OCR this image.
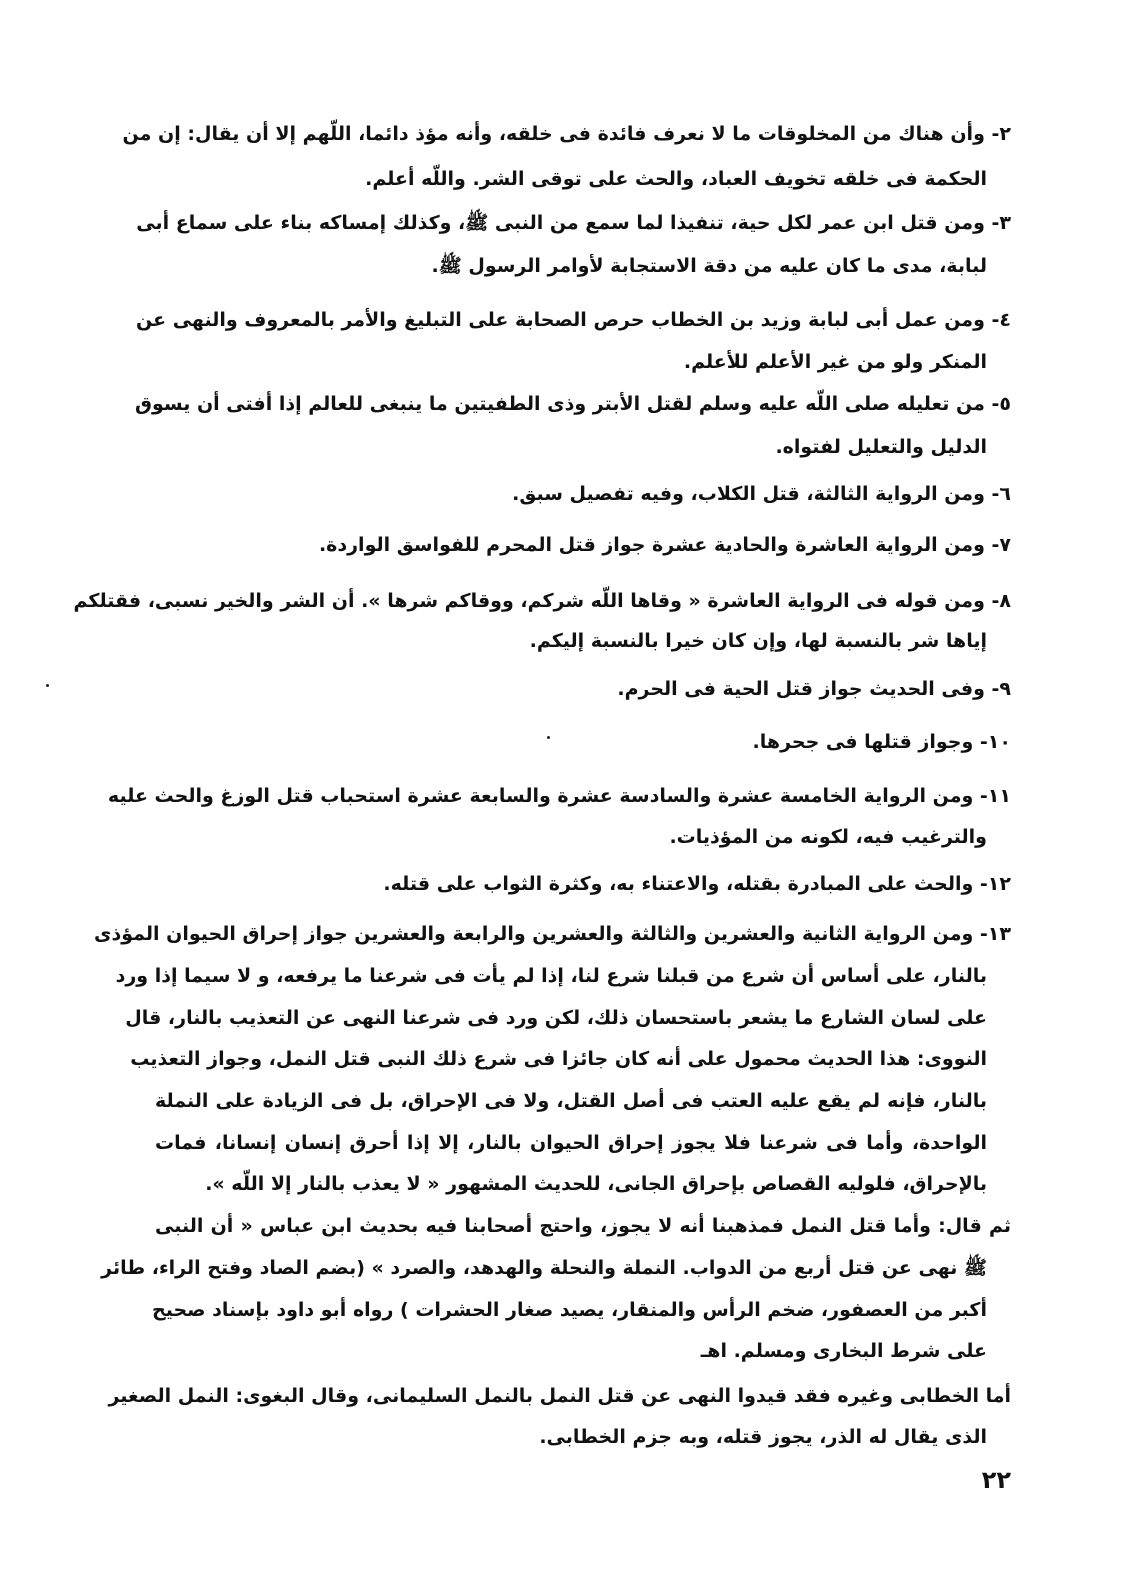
٢- وأن هناك من المخلوقات ما لا نعرف فائدة فى خلقه، وأنه مؤذ دائما، اللّهم إلا أن يقال: إن من
الحكمة فى خلقه تخويف العباد، والحث على توقى الشر. واللّه أعلم.
٣- ومن قتل ابن عمر لكل حية، تنفيذا لما سمع من النبى ﷺ، وكذلك إمساكه بناء على سماع أبى
لبابة، مدى ما كان عليه من دقة الاستجابة لأوامر الرسول ﷺ.
٤- ومن عمل أبى لبابة وزيد بن الخطاب حرص الصحابة على التبليغ والأمر بالمعروف والنهى عن
المنكر ولو من غير الأعلم للأعلم.
٥- من تعليله صلى اللّه عليه وسلم لقتل الأبتر وذى الطفيتين ما ينبغى للعالم إذا أفتى أن يسوق
الدليل والتعليل لفتواه.
٦- ومن الرواية الثالثة، قتل الكلاب، وفيه تفصيل سبق.
٧- ومن الرواية العاشرة والحادية عشرة جواز قتل المحرم للفواسق الواردة.
٨- ومن قوله فى الرواية العاشرة « وقاها اللّه شركم، ووقاكم شرها ». أن الشر والخير نسبى، فقتلكم
إياها شر بالنسبة لها، وإن كان خيرا بالنسبة إليكم.
٩- وفى الحديث جواز قتل الحية فى الحرم.
١٠- وجواز قتلها فى جحرها.
١١- ومن الرواية الخامسة عشرة والسادسة عشرة والسابعة عشرة استحباب قتل الوزغ والحث عليه
والترغيب فيه، لكونه من المؤذيات.
١٢- والحث على المبادرة بقتله، والاعتناء به، وكثرة الثواب على قتله.
١٣- ومن الرواية الثانية والعشرين والثالثة والعشرين والرابعة والعشرين جواز إحراق الحيوان المؤذى
بالنار، على أساس أن شرع من قبلنا شرع لنا، إذا لم يأت فى شرعنا ما يرفعه، و لا سيما إذا ورد
على لسان الشارع ما يشعر باستحسان ذلك، لكن ورد فى شرعنا النهى عن التعذيب بالنار، قال
النووى: هذا الحديث محمول على أنه كان جائزا فى شرع ذلك النبى قتل النمل، وجواز التعذيب
بالنار، فإنه لم يقع عليه العتب فى أصل القتل، ولا فى الإحراق، بل فى الزيادة على النملة
الواحدة، وأما فى شرعنا فلا يجوز إحراق الحيوان بالنار، إلا إذا أحرق إنسان إنسانا، فمات
بالإحراق، فلوليه القصاص بإحراق الجانى، للحديث المشهور « لا يعذب بالنار إلا اللّه ».
ثم قال: وأما قتل النمل فمذهبنا أنه لا يجوز، واحتج أصحابنا فيه بحديث ابن عباس « أن النبى
ﷺ نهى عن قتل أربع من الدواب. النملة والنحلة والهدهد، والصرد » (بضم الصاد وفتح الراء، طائر
أكبر من العصفور، ضخم الرأس والمنقار، يصيد صغار الحشرات ) رواه أبو داود بإسناد صحيح
على شرط البخارى ومسلم. اهـ
أما الخطابى وغيره فقد قيدوا النهى عن قتل النمل بالنمل السليمانى، وقال البغوى: النمل الصغير
الذى يقال له الذر، يجوز قتله، وبه جزم الخطابى.
٢٢
